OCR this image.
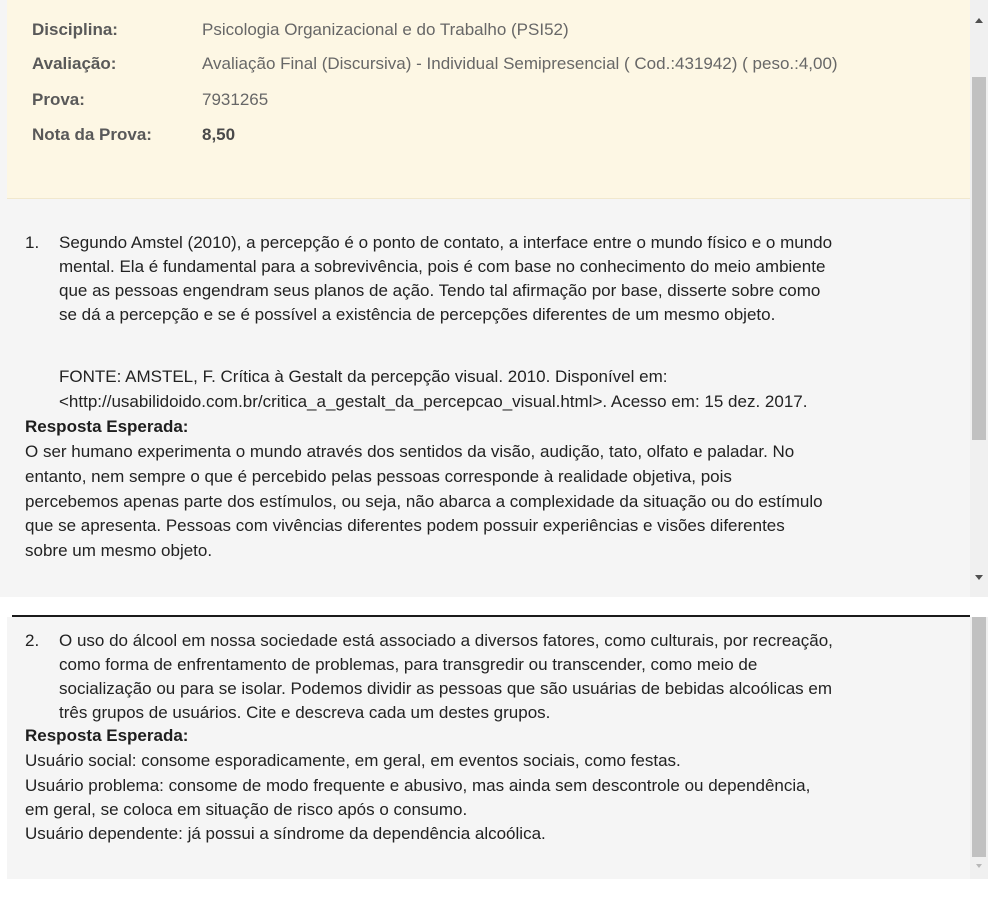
Disciplina:	Psicologia Organizacional e do Trabalho (PSI52)
Avaliação:	Avaliação Final (Discursiva) - Individual Semipresencial ( Cod.:431942) ( peso.:4,00)
Prova:	7931265
Nota da Prova:	8,50
1. Segundo Amstel (2010), a percepção é o ponto de contato, a interface entre o mundo físico e o mundo
mental. Ela é fundamental para a sobrevivência, pois é com base no conhecimento do meio ambiente
que as pessoas engendram seus planos de ação. Tendo tal afirmação por base, disserte sobre como
se dá a percepção e se é possível a existência de percepções diferentes de um mesmo objeto.
FONTE: AMSTEL, F. Crítica à Gestalt da percepção visual. 2010. Disponível em:
<http://usabilidoido.com.br/critica_a_gestalt_da_percepcao_visual.html>. Acesso em: 15 dez. 2017.
Resposta Esperada:
O ser humano experimenta o mundo através dos sentidos da visão, audição, tato, olfato e paladar. No
entanto, nem sempre o que é percebido pelas pessoas corresponde à realidade objetiva, pois
percebemos apenas parte dos estímulos, ou seja, não abarca a complexidade da situação ou do estímulo
que se apresenta. Pessoas com vivências diferentes podem possuir experiências e visões diferentes
sobre um mesmo objeto.
2. O uso do álcool em nossa sociedade está associado a diversos fatores, como culturais, por recreação,
como forma de enfrentamento de problemas, para transgredir ou transcender, como meio de
socialização ou para se isolar. Podemos dividir as pessoas que são usuárias de bebidas alcoólicas em
três grupos de usuários. Cite e descreva cada um destes grupos.
Resposta Esperada:
Usuário social: consome esporadicamente, em geral, em eventos sociais, como festas.
Usuário problema: consome de modo frequente e abusivo, mas ainda sem descontrole ou dependência,
em geral, se coloca em situação de risco após o consumo.
Usuário dependente: já possui a síndrome da dependência alcoólica.
